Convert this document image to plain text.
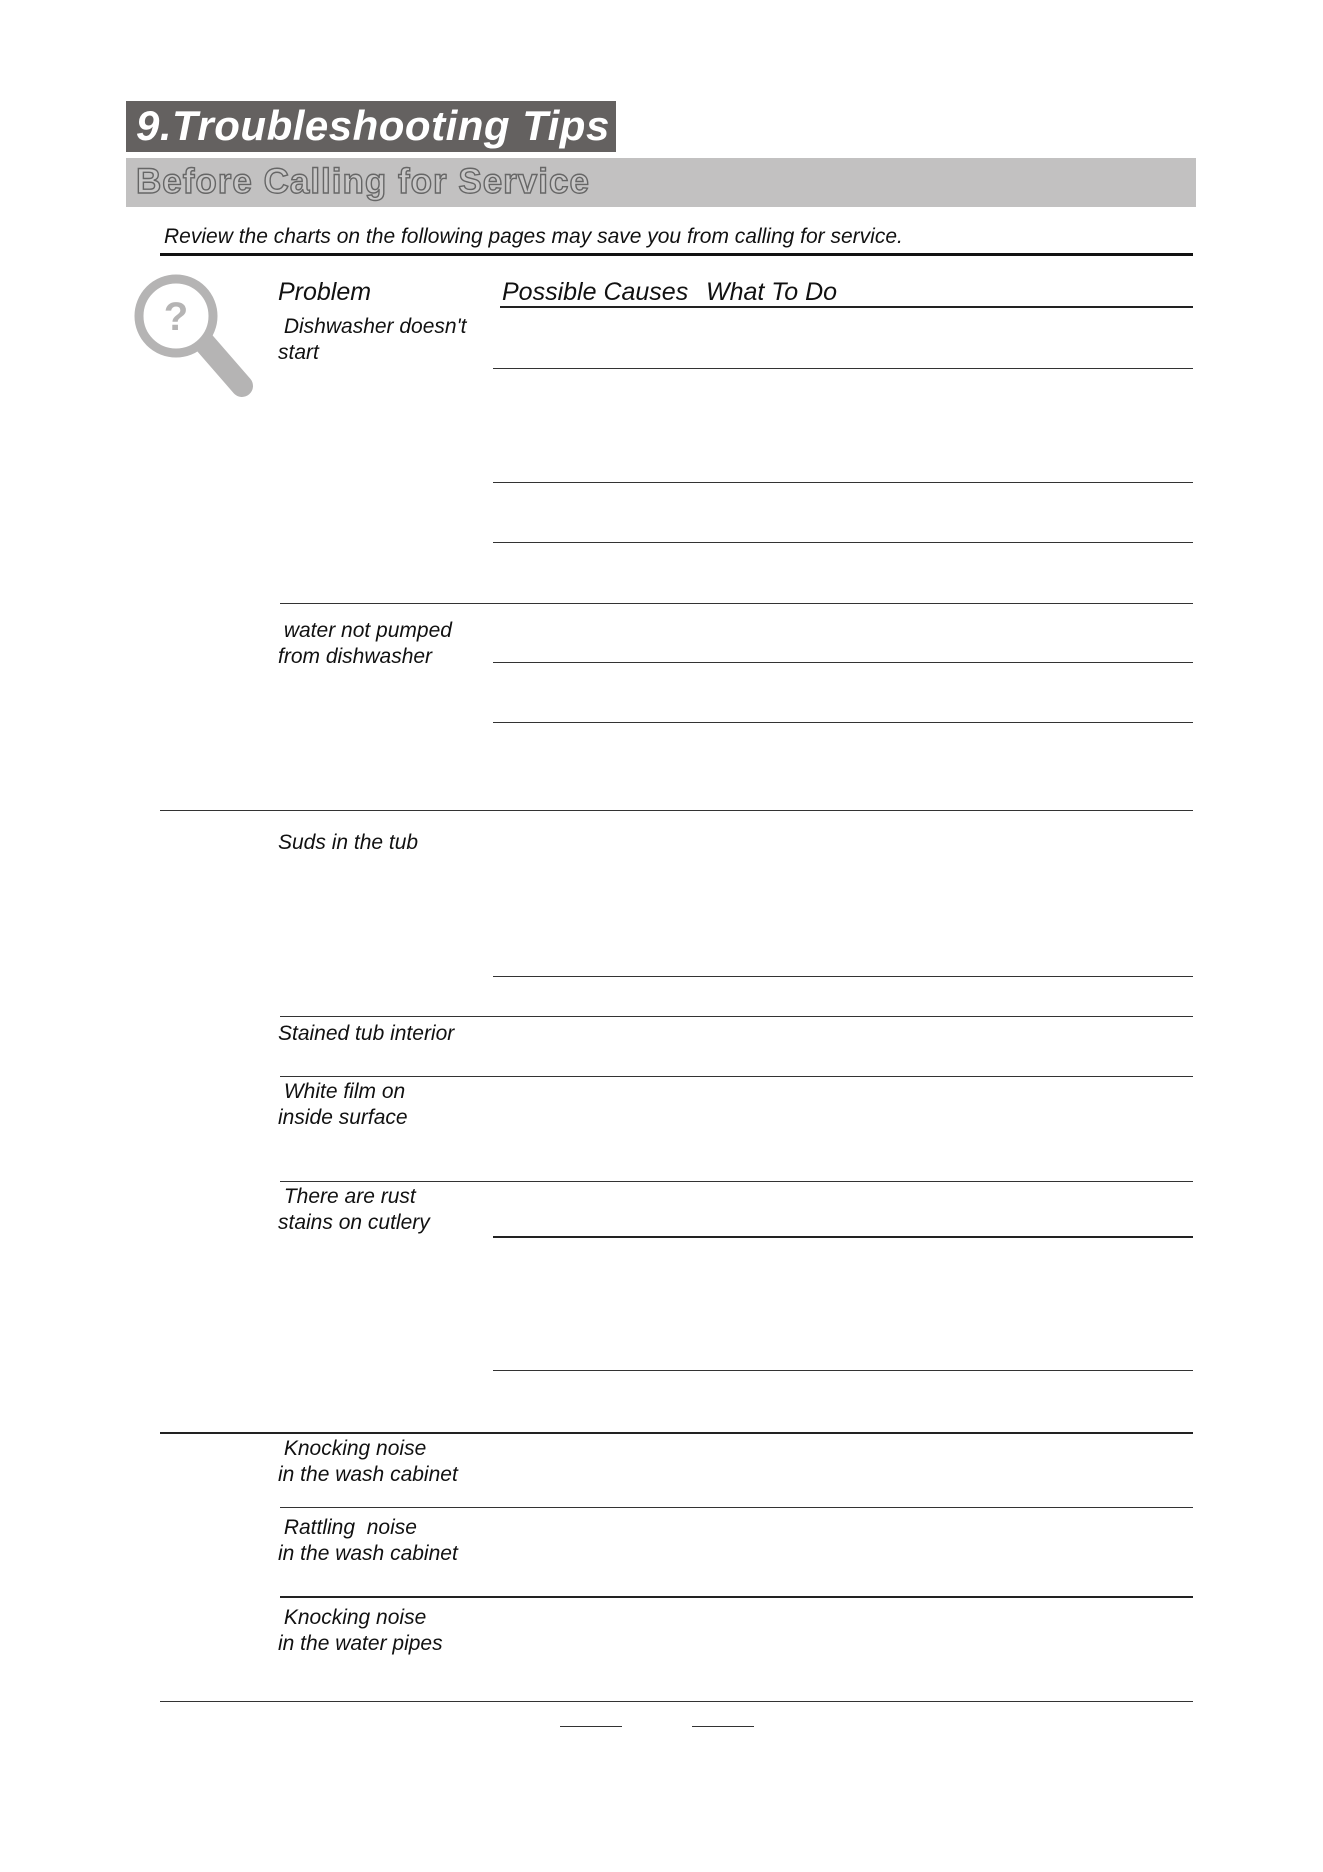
9.Troubleshooting Tips
Before Calling for Service
Review the charts on the following pages may save you from calling for service.
?
Problem	Possible Causes What To Do
Dishwasher doesn't
start
water not pumped
from dishwasher
Suds in the tub
Stained tub interior
White film on
inside surface
There are rust
stains on cutlery
Knocking noise
in the wash cabinet
Rattling  noise
in the wash cabinet
Knocking noise
in the water pipes
